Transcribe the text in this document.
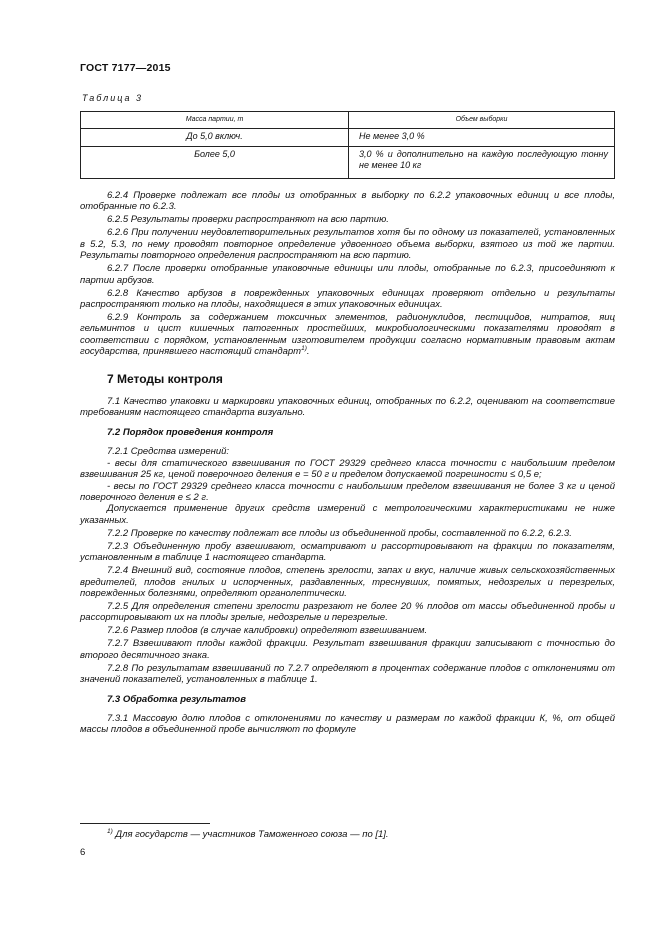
ГОСТ 7177—2015
Таблица 3
Масса партии, т	Объем выборки
До 5,0 включ.	Не менее 3,0 %
Более 5,0	3,0 % и дополнительно на каждую последующую тонну не менее 10 кг

6.2.4 Проверке подлежат все плоды из отобранных в выборку по 6.2.2 упаковочных единиц и все плоды, отобранные по 6.2.3.

6.2.5 Результаты проверки распространяют на всю партию.

6.2.6 При получении неудовлетворительных результатов хотя бы по одному из показателей, установленных в 5.2, 5.3, по нему проводят повторное определение удвоенного объема выборки, взятого из той же партии. Результаты повторного определения распространяют на всю партию.

6.2.7 После проверки отобранные упаковочные единицы или плоды, отобранные по 6.2.3, присоединяют к партии арбузов.

6.2.8 Качество арбузов в поврежденных упаковочных единицах проверяют отдельно и результаты распространяют только на плоды, находящиеся в этих упаковочных единицах.

6.2.9 Контроль за содержанием токсичных элементов, радионуклидов, пестицидов, нитратов, яиц гельминтов и цист кишечных патогенных простейших, микробиологическими показателями проводят в соответствии с порядком, установленным изготовителем продукции согласно нормативным правовым актам государства, принявшего настоящий стандарт$^{1)}$.

7 Методы контроля

7.1 Качество упаковки и маркировки упаковочных единиц, отобранных по 6.2.2, оценивают на соответствие требованиям настоящего стандарта визуально.

7.2 Порядок проведения контроля

7.2.1 Средства измерений:

- весы для статического взвешивания по ГОСТ 29329 среднего класса точности с наибольшим пределом взвешивания 25 кг, ценой поверочного деления е = 50 г и пределом допускаемой погрешности ≤ 0,5 е;

- весы по ГОСТ 29329 среднего класса точности с наибольшим пределом взвешивания не более 3 кг и ценой поверочного деления е ≤ 2 г.

Допускается применение других средств измерений с метрологическими характеристиками не ниже указанных.

7.2.2 Проверке по качеству подлежат все плоды из объединенной пробы, составленной по 6.2.2, 6.2.3.

7.2.3 Объединенную пробу взвешивают, осматривают и рассортировывают на фракции по показателям, установленным в таблице 1 настоящего стандарта.

7.2.4 Внешний вид, состояние плодов, степень зрелости, запах и вкус, наличие живых сельскохозяйственных вредителей, плодов гнилых и испорченных, раздавленных, треснувших, помятых, недозрелых и перезрелых, поврежденных болезнями, определяют органолептически.

7.2.5 Для определения степени зрелости разрезают не более 20 % плодов от массы объединенной пробы и рассортировывают их на плоды зрелые, недозрелые и перезрелые.

7.2.6 Размер плодов (в случае калибровки) определяют взвешиванием.

7.2.7 Взвешивают плоды каждой фракции. Результат взвешивания фракции записывают с точностью до второго десятичного знака.

7.2.8 По результатам взвешиваний по 7.2.7 определяют в процентах содержание плодов с отклонениями от значений показателей, установленных в таблице 1.

7.3 Обработка результатов

7.3.1 Массовую долю плодов с отклонениями по качеству и размерам по каждой фракции К, %, от общей массы плодов в объединенной пробе вычисляют по формуле

$^{1)}$ Для государств — участников Таможенного союза — по [1].
6
